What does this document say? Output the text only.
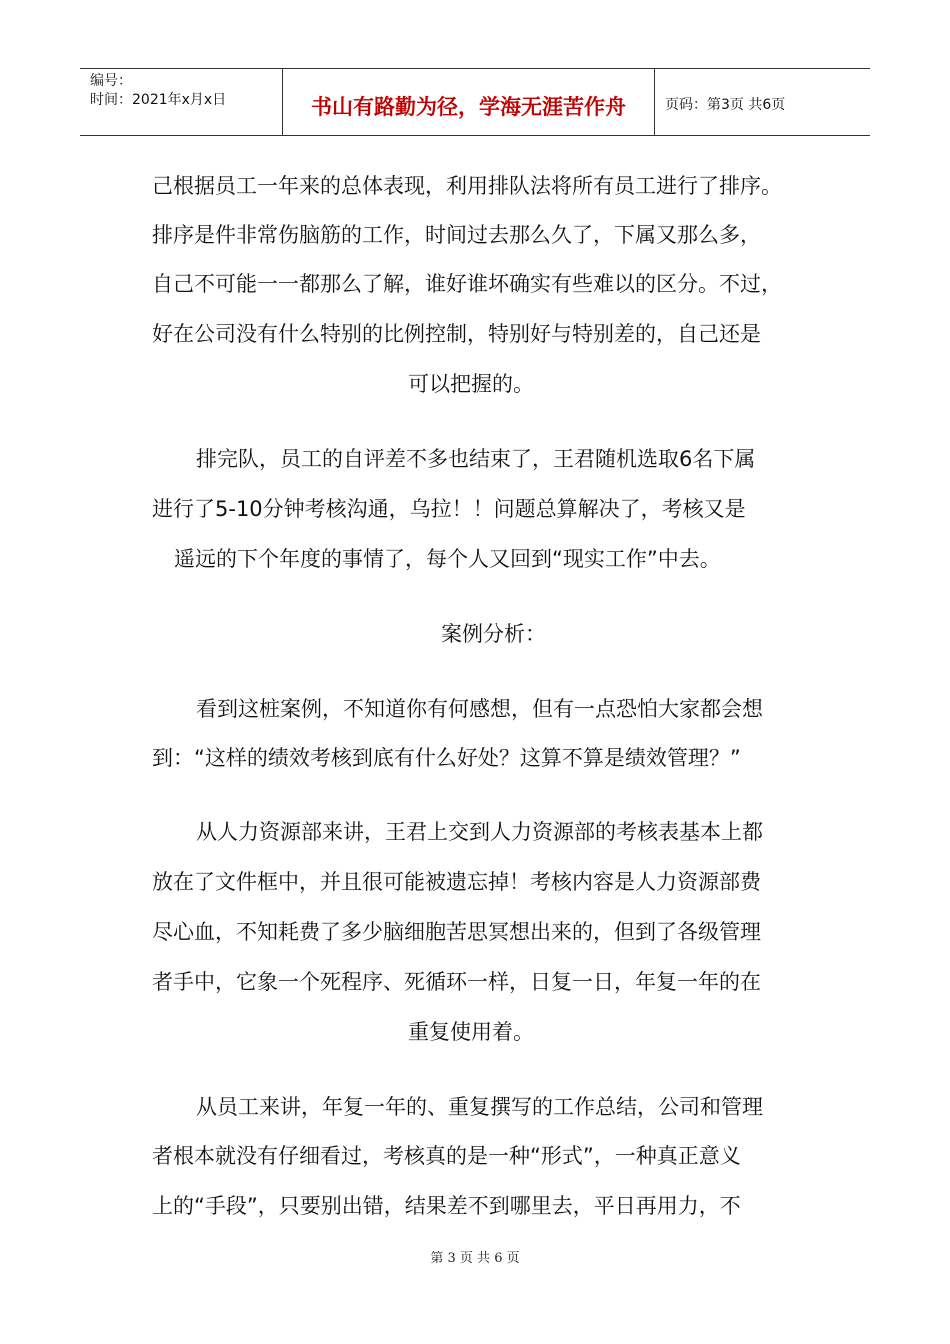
编号：
时间：2021年x月x日	书山有路勤为径，学海无涯苦作舟	页码：第3页 共6页
己根据员工一年来的总体表现，利用排队法将所有员工进行了排序。
排序是件非常伤脑筋的工作，时间过去那么久了，下属又那么多，
自己不可能一一都那么了解，谁好谁坏确实有些难以的区分。不过，
好在公司没有什么特别的比例控制，特别好与特别差的，自己还是
可以把握的。
排完队，员工的自评差不多也结束了，王君随机选取6名下属
进行了5-10分钟考核沟通，乌拉！！问题总算解决了，考核又是
遥远的下个年度的事情了，每个人又回到“现实工作”中去。
案例分析：
看到这桩案例，不知道你有何感想，但有一点恐怕大家都会想
到：“这样的绩效考核到底有什么好处？这算不算是绩效管理？”
从人力资源部来讲，王君上交到人力资源部的考核表基本上都
放在了文件框中，并且很可能被遗忘掉！考核内容是人力资源部费
尽心血，不知耗费了多少脑细胞苦思冥想出来的，但到了各级管理
者手中，它象一个死程序、死循环一样，日复一日，年复一年的在
重复使用着。
从员工来讲，年复一年的、重复撰写的工作总结，公司和管理
者根本就没有仔细看过，考核真的是一种“形式”，一种真正意义
上的“手段”，只要别出错，结果差不到哪里去，平日再用力，不
第 3 页 共 6 页
